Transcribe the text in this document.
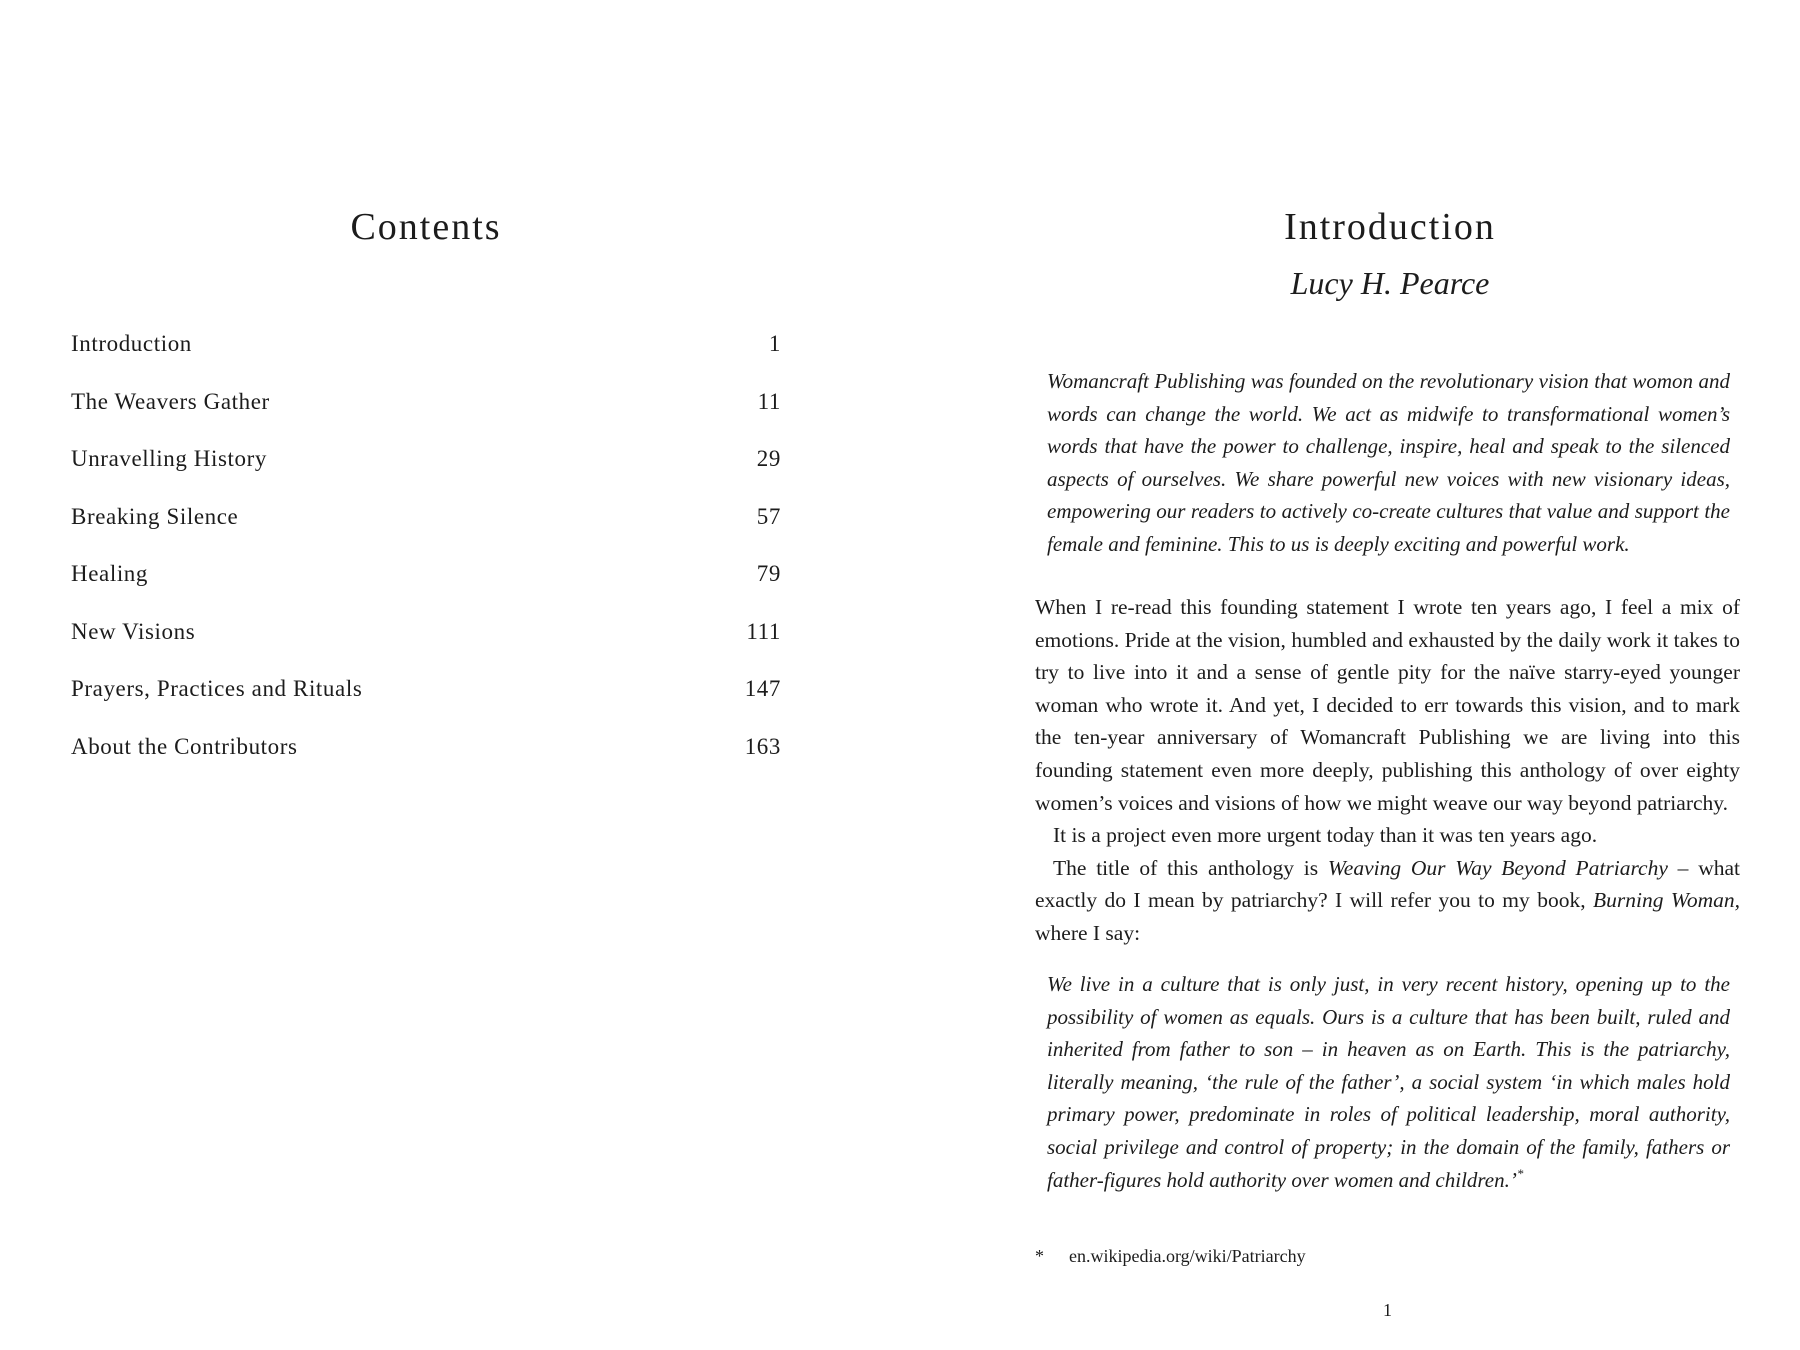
Contents
Introduction	1
The Weavers Gather	11
Unravelling History	29
Breaking Silence	57
Healing	79
New Visions	111
Prayers, Practices and Rituals	147
About the Contributors	163
Introduction

Lucy H. Pearce

Womancraft Publishing was founded on the revolutionary vision that womon and words can change the world. We act as midwife to transformational women’s words that have the power to challenge, inspire, heal and speak to the silenced aspects of ourselves. We share powerful new voices with new visionary ideas, empowering our readers to actively co-create cultures that value and support the female and feminine. This to us is deeply exciting and powerful work.

When I re-read this founding statement I wrote ten years ago, I feel a mix of emotions. Pride at the vision, humbled and exhausted by the daily work it takes to try to live into it and a sense of gentle pity for the naïve starry-eyed younger woman who wrote it. And yet, I decided to err towards this vision, and to mark the ten-year anniversary of Womancraft Publishing we are living into this founding statement even more deeply, publishing this anthology of over eighty women’s voices and visions of how we might weave our way beyond patriarchy.

It is a project even more urgent today than it was ten years ago.

The title of this anthology is Weaving Our Way Beyond Patriarchy – what exactly do I mean by patriarchy? I will refer you to my book, Burning Woman, where I say:

We live in a culture that is only just, in very recent history, opening up to the possibility of women as equals. Ours is a culture that has been built, ruled and inherited from father to son – in heaven as on Earth. This is the patriarchy, literally meaning, ‘the rule of the father’, a social system ‘in which males hold primary power, predominate in roles of political leadership, moral authority, social privilege and control of property; in the domain of the family, fathers or father-figures hold authority over women and children.’*

*	en.wikipedia.org/wiki/Patriarchy
1
